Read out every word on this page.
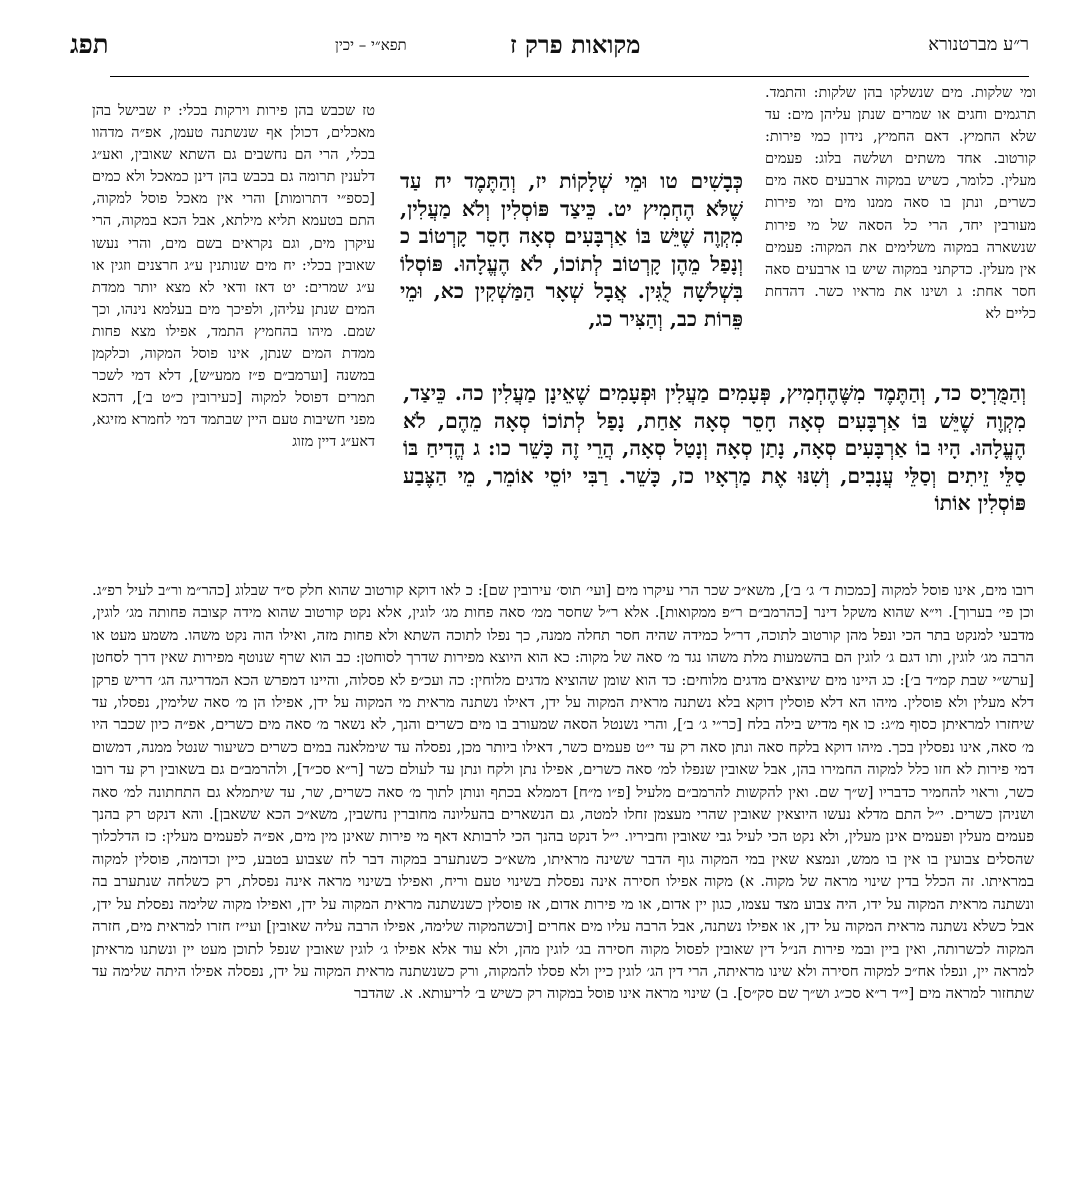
תפג	תפא״י – יכין	מקואות פרק ז	ר״ע מברטנורא
ומי שלקות. מים שנשלקו בהן שלקות: והתמד. תרגמים וחגים או שמרים שנתן עליהן מים: עד שלא החמיץ. דאם החמיץ, נידון כמי פירות: קורטוב. אחד משתים ושלשה בלוג: פעמים מעלין. כלומר, כשיש במקוה ארבעים סאה מים כשרים, ונתן בו סאה ממנו מים ומי פירות מעורבין יחד, הרי כל הסאה של מי פירות שנשארה במקוה משלימים את המקוה: פעמים אין מעלין. כדקתני במקוה שיש בו ארבעים סאה חסר אחת: ג ושינו את מראיו כשר. דהדחת כליים לא
טז שכבש בהן פירות וירקות בכלי: יז שבישל בהן מאכלים, דכולן אף שנשתנה טעמן, אפ״ה מדהוו בכלי, הרי הם נחשבים גם השתא שאובין, ואע״ג דלענין תרומה גם בכבש בהן דינן כמאכל ולא כמים [כספ״י דתרומות] והרי אין מאכל פוסל למקוה, התם בטעמא תליא מילתא, אבל הכא במקוה, הרי עיקרן מים, וגם נקראים בשם מים, והרי נעשו שאובין בכלי: יח מים שנותנין ע״ג חרצנים וזגין או ע״ג שמרים: יט דאז ודאי לא מצא יותר ממדת המים שנתן עליהן, ולפיכך מים בעלמא נינהו, וכך שמם. מיהו בהחמיץ התמד, אפילו מצא פחות ממדת המים שנתן, אינו פוסל המקוה, וכלקמן במשנה [וערמב״ם פ״ז ממע״ש], דלא דמי לשכר תמרים דפוסל למקוה [כעירובין כ״ט ב׳], דהכא מפני חשיבות טעם היין שבתמד דמי לחמרא מזיגא, דאע״ג דיין מזוג
כְּבָשִׁים טו וּמֵי שְׁלָקוֹת יז, וְהַתֶּמֶד יח עַד שֶׁלֹּא הֶחְמִיץ יט. כֵּיצַד פּוֹסְלִין וְלֹא מַעֲלִין, מִקְוֶה שֶׁיֵּשׁ בּוֹ אַרְבָּעִים סְאָה חָסֵר קָרְטוֹב כ וְנָפַל מֵהֶן קָרְטוֹב לְתוֹכוֹ, לֹא הֶעֱלָהוּ. פּוֹסְלוֹ בִּשְׁלֹשָׁה לֻגִּין. אֲבָל שְׁאָר הַמַּשְׁקִין כא, וּמֵי פֵּרוֹת כב, וְהַצִּיר כג,
וְהַמֻּרְיָס כד, וְהַתֶּמֶד מִשֶּׁהֶחְמִיץ, פְּעָמִים מַעֲלִין וּפְעָמִים שֶׁאֵינָן מַעֲלִין כה. כֵּיצַד, מִקְוֶה שֶׁיֵּשׁ בּוֹ אַרְבָּעִים סְאָה חָסֵר סְאָה אַחַת, נָפַל לְתוֹכוֹ סְאָה מֵהֶם, לֹא הֶעֱלָהוּ. הָיוּ בוֹ אַרְבָּעִים סְאָה, נָתַן סְאָה וְנָטַל סְאָה, הֲרֵי זֶה כָּשֵׁר כו: ג הֱדִיחַ בּוֹ סַלֵּי זֵיתִים וְסַלֵּי עֲנָבִים, וְשִׁנּוּ אֶת מַרְאָיו כז, כָּשֵׁר. רַבִּי יוֹסֵי אוֹמֵר, מֵי הַצֶּבַע פּוֹסְלִין אוֹתוֹ
רובו מים, אינו פוסל למקוה [כמכות ד׳ ג׳ ב׳], משא״כ שכר הרי עיקרו מים [ועי׳ תוס׳ עירובין שם]: כ לאו דוקא קורטוב שהוא חלק ס״ד שבלוג [כהר״מ ור״ב לעיל רפ״ג. וכן פי׳ בערוך]. וי״א שהוא משקל דינר [כהרמב״ם ר״פ ממקואות]. אלא ר״ל שחסר ממ׳ סאה פחות מג׳ לוגין, אלא נקט קורטוב שהוא מידה קצובה פחותה מג׳ לוגין, מדבעי למנקט בתר הכי ונפל מהן קורטוב לתוכה, דר״ל כמידה שהיה חסר תחלה ממנה, כך נפלו לתוכה השתא ולא פחות מזה, ואילו הוה נקט משהו. משמע מעט או הרבה מג׳ לוגין, ותו דגם ג׳ לוגין הם בהשמעות מלת משהו נגד מ׳ סאה של מקוה: כא הוא היוצא מפירות שדרך לסוחטן: כב הוא שרף שנוטף מפירות שאין דרך לסחטן [ערש״י שבת קמ״ד ב׳]: כג היינו מים שיוצאים מדגים מלוחים: כד הוא שומן שהוציא מדגים מלוחין: כה ועכ״פ לא פסלוה, והיינו דמפרש הכא המדריגה הג׳ דריש פרקן דלא מעלין ולא פוסלין. מיהו הא דלא פוסלין דוקא בלא נשתנה מראית המקוה על ידן, דאילו נשתנה מראית מי המקוה על ידן, אפילו הן מ׳ סאה שלימין, נפסלו, עד שיחזרו למראיתן כסוף מ״ג: כו אף מדיש בילה בלח [כר״י ג׳ ב׳], והרי נשנטל הסאה שמעורב בו מים כשרים והנך, לא נשאר מ׳ סאה מים כשרים, אפ״ה כיון שכבר היו מ׳ סאה, אינו נפסלין בכך. מיהו דוקא בלקח סאה ונתן סאה רק עד י״ט פעמים כשר, דאילו ביותר מכן, נפסלה עד שימלאנה במים כשרים כשיעור שנטל ממנה, דמשום דמי פירות לא חזו כלל למקוה החמירו בהן, אבל שאובין שנפלו למ׳ סאה כשרים, אפילו נתן ולקח ונתן עד לעולם כשר [ר״א סכ״ד], ולהרמב״ם גם בשאובין רק עד רובו כשר, וראוי להחמיר כדבריו [ש״ך שם. ואין להקשות להרמב״ם מלעיל [פ״ו מ״ח] דממלא בכתף ונותן לתוך מ׳ סאה כשרים, שר, עד שיתמלא גם התחתונה למ׳ סאה ושניהן כשרים. י״ל התם מדלא נעשו היוצאין שאובין שהרי מעצמן זחלו למטה, גם הנשארים בהעליונה מחוברין נחשבין, משא״כ הכא ששאבן]. והא דנקט רק בהנך פעמים מעלין ופעמים אינן מעלין, ולא נקט הכי לעיל גבי שאובין וחביריו. י״ל דנקט בהנך הכי לרבותא דאף מי פירות שאינן מין מים, אפ״ה לפעמים מעלין: כז הדלכלוך שהסלים צבועין בו אין בו ממש, ונמצא שאין במי המקוה גוף הדבר ששינה מראיתו, משא״כ כשנתערב במקוה דבר לח שצבוע בטבע, כיין וכדומה, פוסלין למקוה במראיתו. זה הכלל בדין שינוי מראה של מקוה. א) מקוה אפילו חסירה אינה נפסלת בשינוי טעם וריח, ואפילו בשינוי מראה אינה נפסלת, רק כשלחה שנתערב בה ונשתנה מראית המקוה על ידו, היה צבוע מצד עצמו, כגון יין אדום, או מי פירות אדום, אז פוסלין כשנשתנה מראית המקוה על ידן, ואפילו מקוה שלימה נפסלת על ידן, אבל כשלא נשתנה מראית המקוה על ידן, או אפילו נשתנה, אבל הרבה עליו מים אחרים [וכשהמקוה שלימה, אפילו הרבה עליה שאובין] ועי״ז חזרו למראית מים, חזרה המקוה לכשרותה, ואין ביין ובמי פירות הנ״ל דין שאובין לפסול מקוה חסירה בג׳ לוגין מהן, ולא עוד אלא אפילו ג׳ לוגין שאובין שנפל לתוכן מעט יין ונשתנו מראיתן למראה יין, ונפלו אח״כ למקוה חסירה ולא שינו מראיתה, הרי דין הג׳ לוגין כיין ולא פסלו להמקוה, ורק כשנשתנה מראית המקוה על ידן, נפסלה אפילו היתה שלימה עד שתחזור למראה מים [י״ד ר״א סכ״ג וש״ך שם סק״ס]. ב) שינוי מראה אינו פוסל במקוה רק כשיש ב׳ לריעותא. א. שהדבר
